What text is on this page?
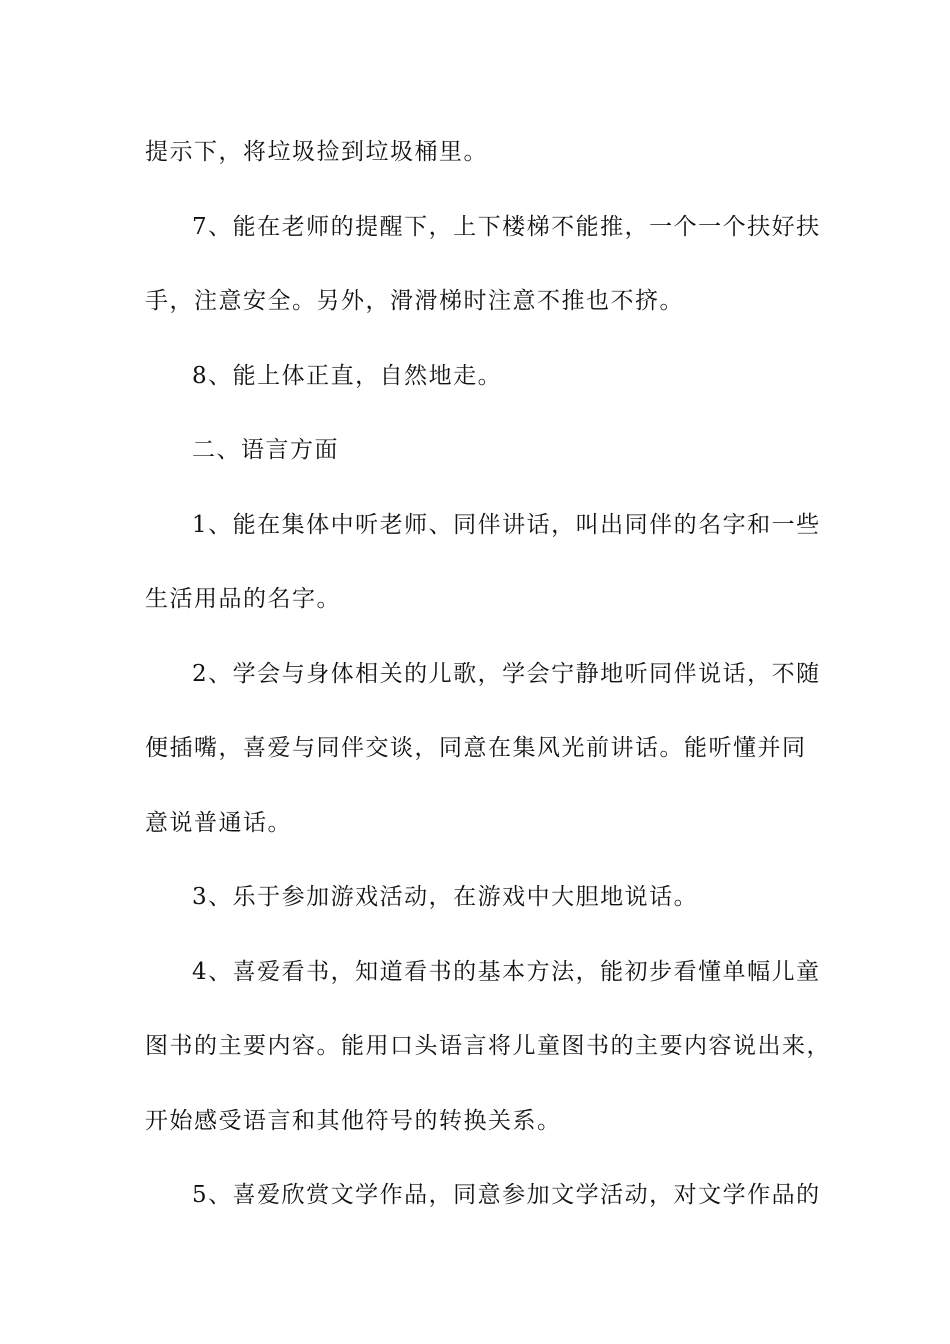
提示下，将垃圾捡到垃圾桶里。
7、能在老师的提醒下，上下楼梯不能推，一个一个扶好扶
手，注意安全。另外，滑滑梯时注意不推也不挤。
8、能上体正直，自然地走。
二、语言方面
1、能在集体中听老师、同伴讲话，叫出同伴的名字和一些
生活用品的名字。
2、学会与身体相关的儿歌，学会宁静地听同伴说话，不随
便插嘴，喜爱与同伴交谈，同意在集风光前讲话。能听懂并同
意说普通话。
3、乐于参加游戏活动，在游戏中大胆地说话。
4、喜爱看书，知道看书的基本方法，能初步看懂单幅儿童
图书的主要内容。能用口头语言将儿童图书的主要内容说出来，
开始感受语言和其他符号的转换关系。
5、喜爱欣赏文学作品，同意参加文学活动，对文学作品的
